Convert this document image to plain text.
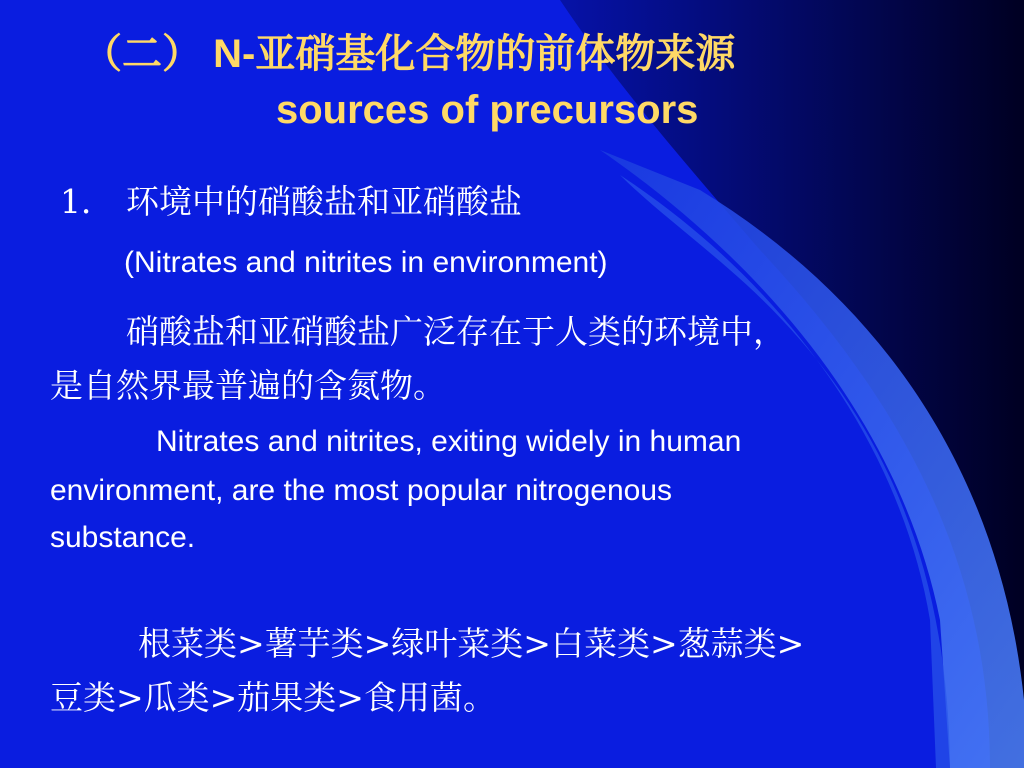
（二） N-亚硝基化合物的前体物来源
sources of precursors
1． 环境中的硝酸盐和亚硝酸盐
(Nitrates and nitrites in environment)
硝酸盐和亚硝酸盐广泛存在于人类的环境中，
是自然界最普遍的含氮物。
Nitrates and nitrites, exiting widely in human
environment, are the most popular nitrogenous
substance.
根菜类>薯芋类>绿叶菜类>白菜类>葱蒜类>
豆类>瓜类>茄果类>食用菌。
